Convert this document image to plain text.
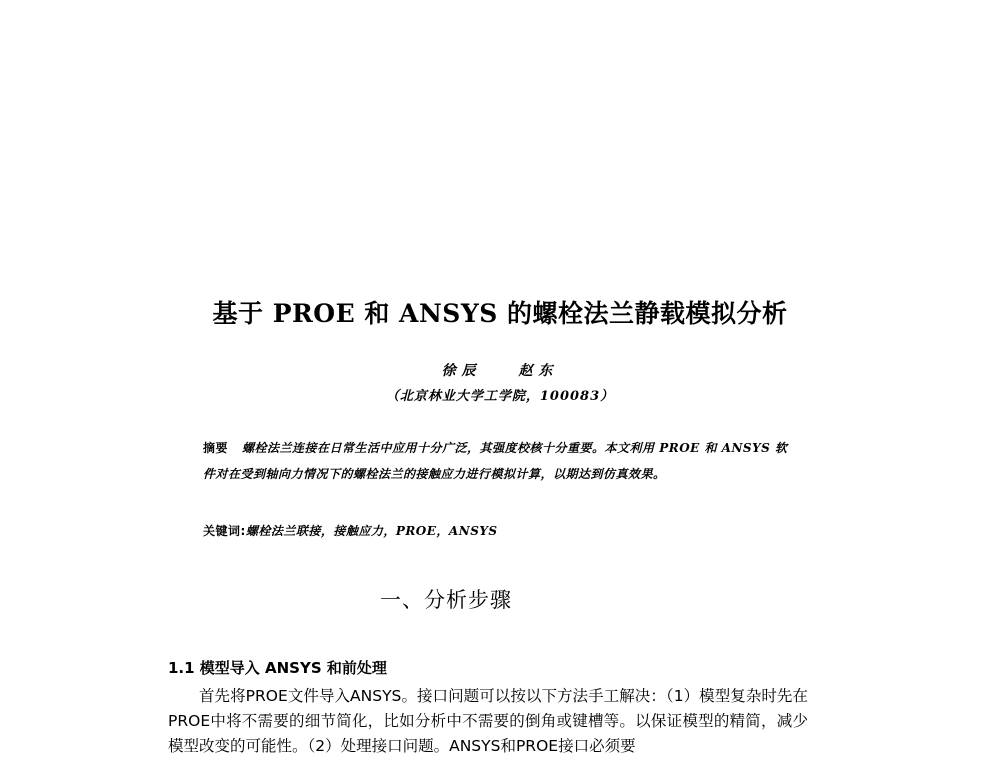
基于 PROE 和 ANSYS 的螺栓法兰静载模拟分析
徐辰	赵东
（北京林业大学工学院，100083）
摘要 螺栓法兰连接在日常生活中应用十分广泛，其强度校核十分重要。本文利用 PROE 和 ANSYS 软件对在受到轴向力情况下的螺栓法兰的接触应力进行模拟计算，以期达到仿真效果。
关键词:螺栓法兰联接，接触应力，PROE，ANSYS
一、分析步骤
1.1 模型导入 ANSYS 和前处理
首先将PROE文件导入ANSYS。接口问题可以按以下方法手工解决：（1）模型复杂时先在PROE中将不需要的细节简化，比如分析中不需要的倒角或键槽等。以保证模型的精简，减少模型改变的可能性。（2）处理接口问题。ANSYS和PROE接口必须要
